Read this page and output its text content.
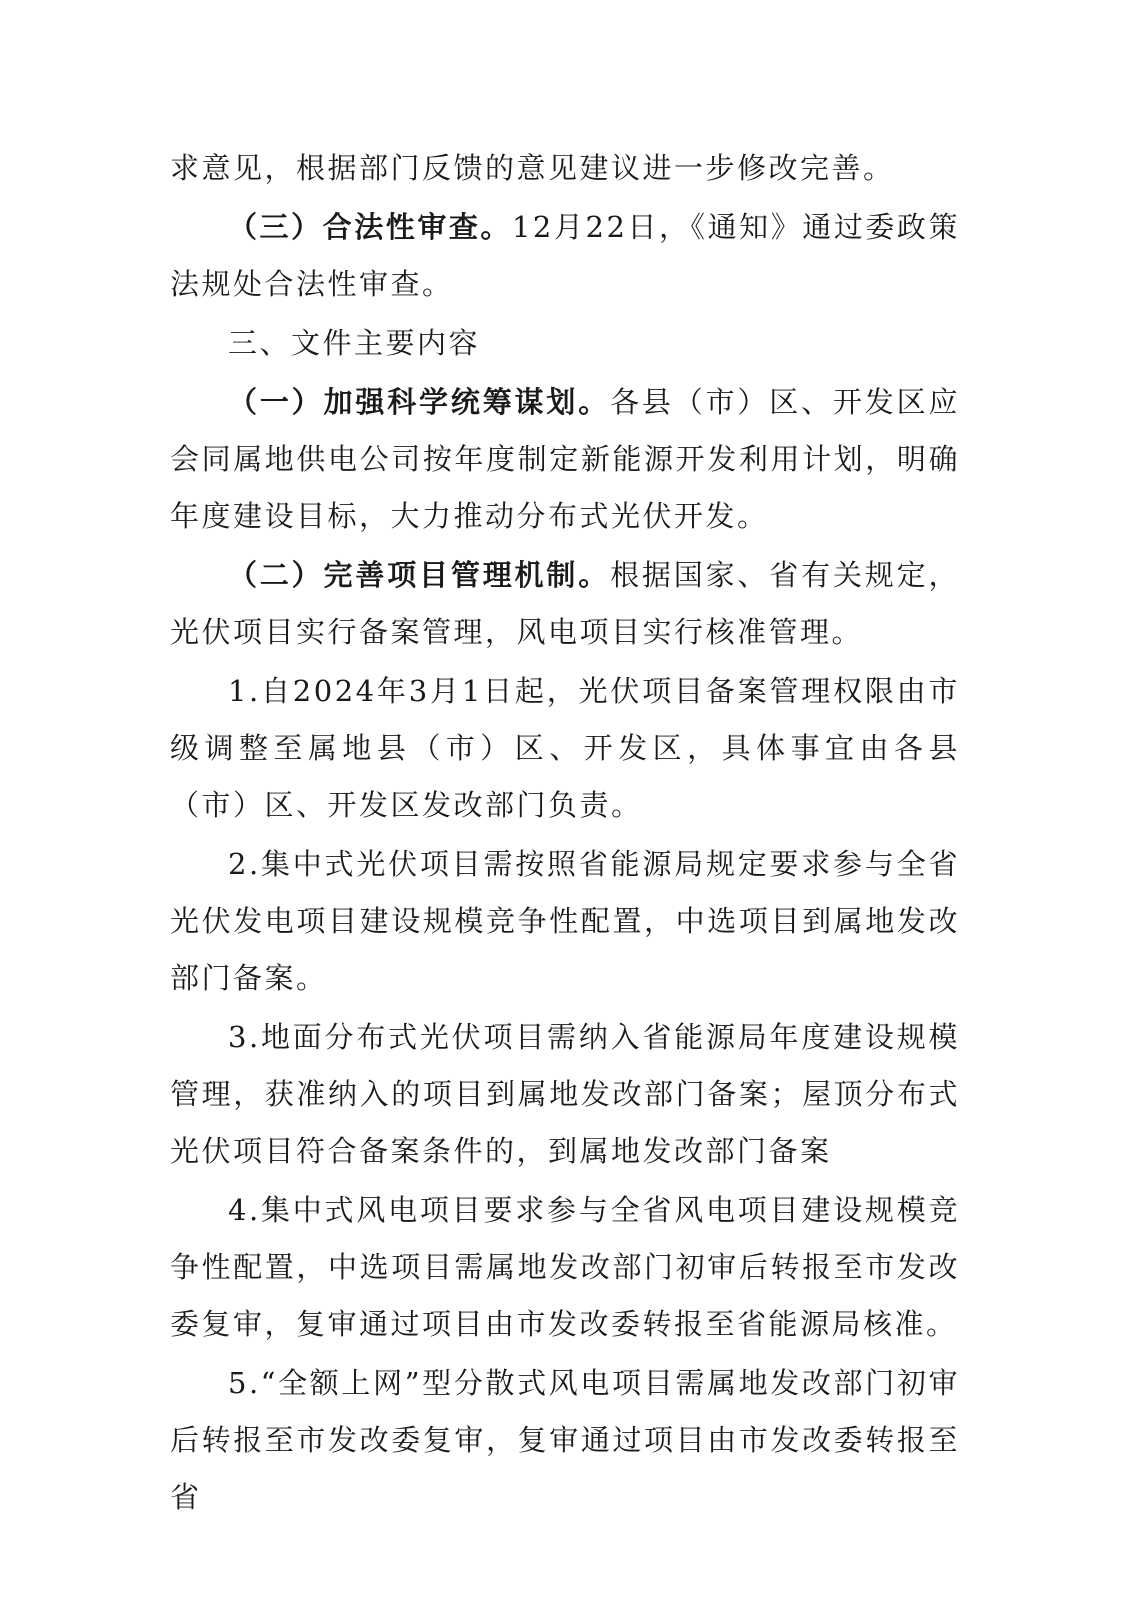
求意见，根据部门反馈的意见建议进一步修改完善。

（三）合法性审查。12月22日，《通知》通过委政策法规处合法性审查。

三、文件主要内容

（一）加强科学统筹谋划。各县（市）区、开发区应会同属地供电公司按年度制定新能源开发利用计划，明确年度建设目标，大力推动分布式光伏开发。

（二）完善项目管理机制。根据国家、省有关规定，光伏项目实行备案管理，风电项目实行核准管理。

1.自2024年3月1日起，光伏项目备案管理权限由市级调整至属地县（市）区、开发区，具体事宜由各县（市）区、开发区发改部门负责。

2.集中式光伏项目需按照省能源局规定要求参与全省光伏发电项目建设规模竞争性配置，中选项目到属地发改部门备案。

3.地面分布式光伏项目需纳入省能源局年度建设规模管理，获准纳入的项目到属地发改部门备案；屋顶分布式光伏项目符合备案条件的，到属地发改部门备案

4.集中式风电项目要求参与全省风电项目建设规模竞争性配置，中选项目需属地发改部门初审后转报至市发改委复审，复审通过项目由市发改委转报至省能源局核准。

5.“全额上网”型分散式风电项目需属地发改部门初审后转报至市发改委复审，复审通过项目由市发改委转报至省
